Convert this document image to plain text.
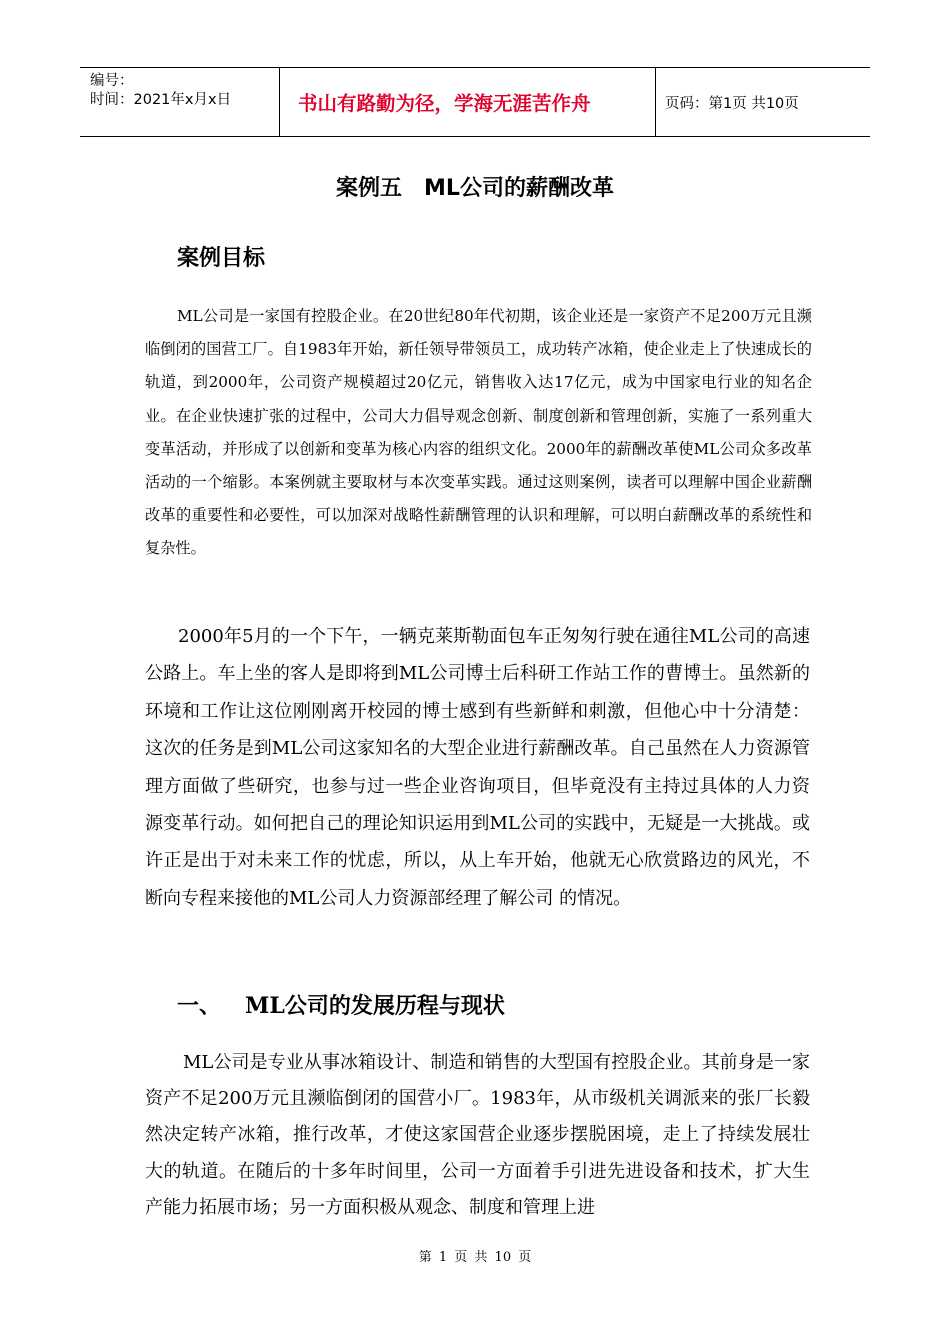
编号：
时间：2021年x月x日	书山有路勤为径，学海无涯苦作舟	页码：第1页 共10页
案例五　ML公司的薪酬改革
案例目标

ML公司是一家国有控股企业。在20世纪80年代初期，该企业还是一家资产不足200万元且濒临倒闭的国营工厂。自1983年开始，新任领导带领员工，成功转产冰箱，使企业走上了快速成长的轨道，到2000年，公司资产规模超过20亿元，销售收入达17亿元，成为中国家电行业的知名企业。在企业快速扩张的过程中，公司大力倡导观念创新、制度创新和管理创新，实施了一系列重大变革活动，并形成了以创新和变革为核心内容的组织文化。2000年的薪酬改革使ML公司众多改革活动的一个缩影。本案例就主要取材与本次变革实践。通过这则案例，读者可以理解中国企业薪酬改革的重要性和必要性，可以加深对战略性薪酬管理的认识和理解，可以明白薪酬改革的系统性和复杂性。

2000年5月的一个下午，一辆克莱斯勒面包车正匆匆行驶在通往ML公司的高速公路上。车上坐的客人是即将到ML公司博士后科研工作站工作的曹博士。虽然新的环境和工作让这位刚刚离开校园的博士感到有些新鲜和刺激，但他心中十分清楚：这次的任务是到ML公司这家知名的大型企业进行薪酬改革。自己虽然在人力资源管理方面做了些研究，也参与过一些企业咨询项目，但毕竟没有主持过具体的人力资源变革行动。如何把自己的理论知识运用到ML公司的实践中，无疑是一大挑战。或许正是出于对未来工作的忧虑，所以，从上车开始，他就无心欣赏路边的风光，不断向专程来接他的ML公司人力资源部经理了解公司 的情况。

一、	ML公司的发展历程与现状

ML公司是专业从事冰箱设计、制造和销售的大型国有控股企业。其前身是一家资产不足200万元且濒临倒闭的国营小厂。1983年，从市级机关调派来的张厂长毅然决定转产冰箱，推行改革，才使这家国营企业逐步摆脱困境，走上了持续发展壮大的轨道。在随后的十多年时间里，公司一方面着手引进先进设备和技术，扩大生产能力拓展市场；另一方面积极从观念、制度和管理上进

第 1 页 共 10 页
